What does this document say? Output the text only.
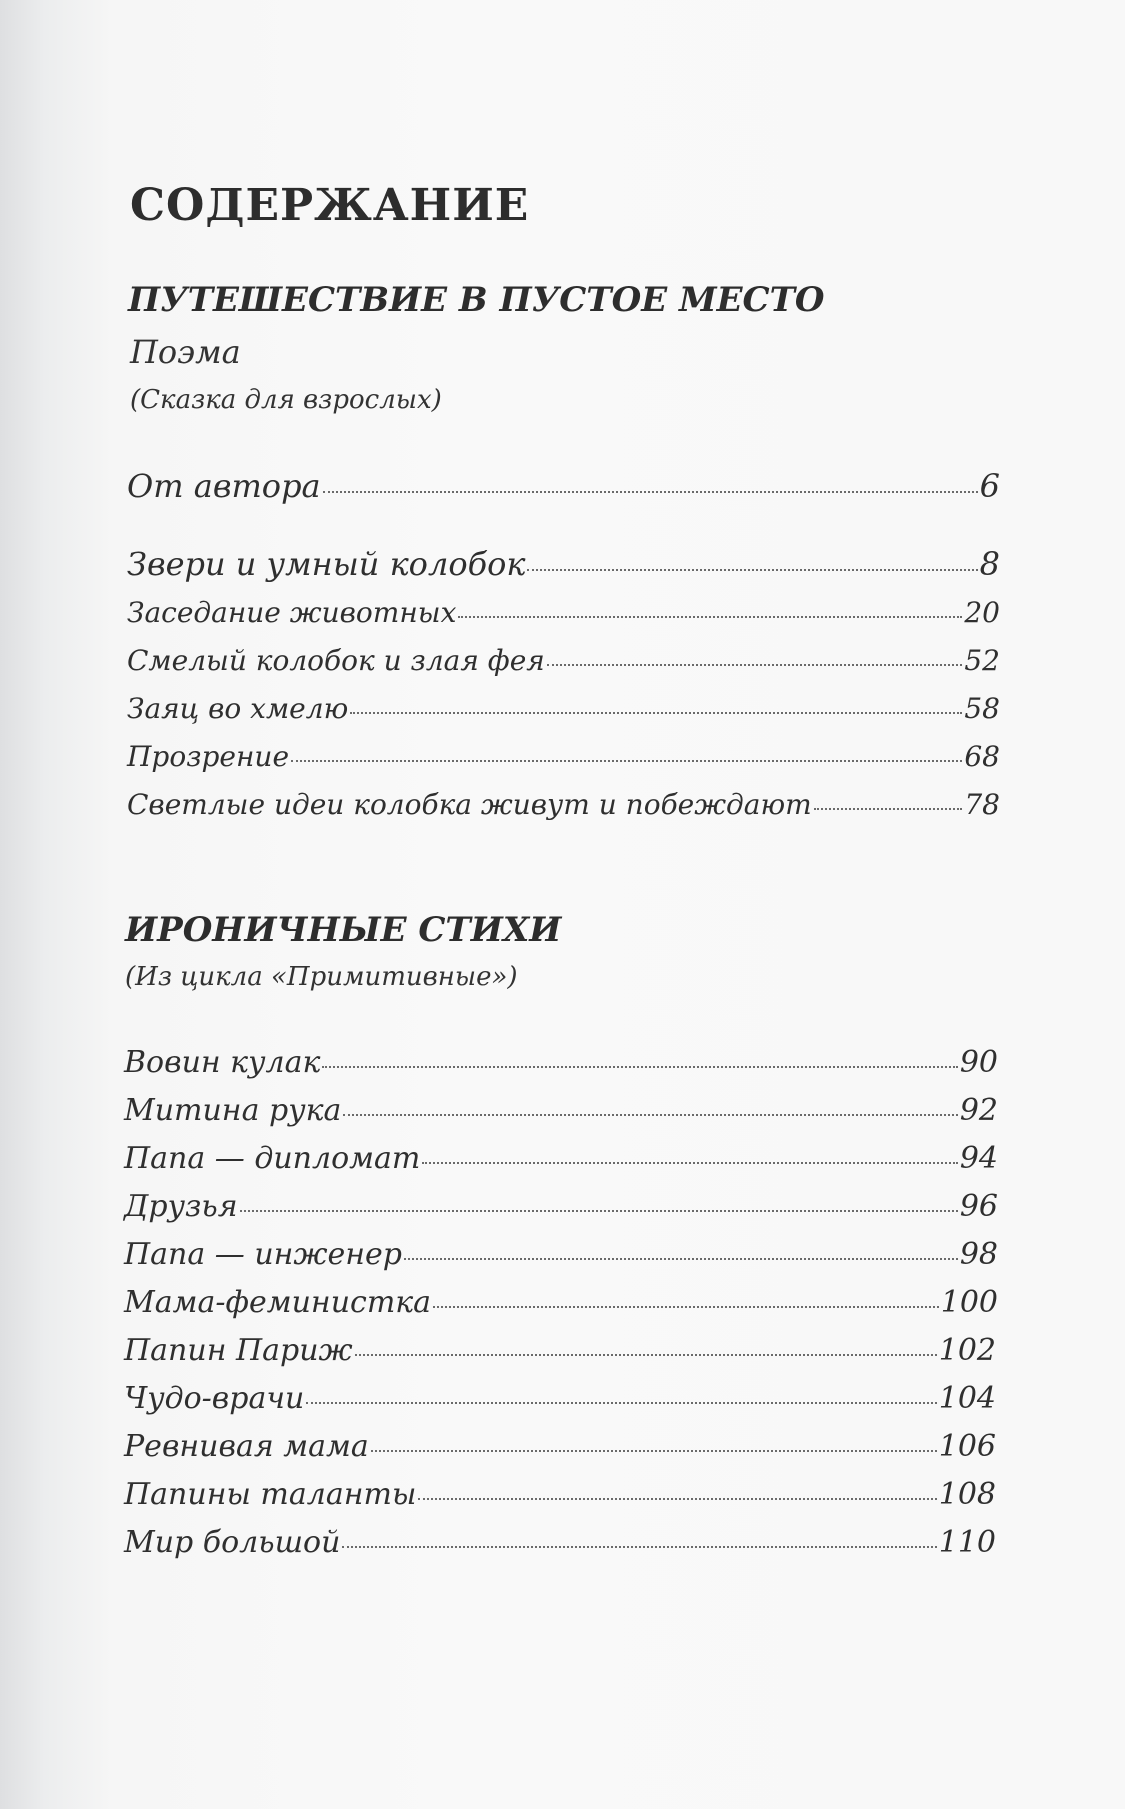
СОДЕРЖАНИЕ
ПУТЕШЕСТВИЕ В ПУСТОЕ МЕСТО
Поэма
(Сказка для взрослых)
От автора	6
Звери и умный колобок	8
Заседание животных	20
Смелый колобок и злая фея	52
Заяц во хмелю	58
Прозрение	68
Светлые идеи колобка живут и побеждают	78
ИРОНИЧНЫЕ СТИХИ
(Из цикла «Примитивные»)
Вовин кулак	90
Митина рука	92
Папа — дипломат	94
Друзья	96
Папа — инженер	98
Мама-феминистка	100
Папин Париж	102
Чудо-врачи	104
Ревнивая мама	106
Папины таланты	108
Мир большой	110
